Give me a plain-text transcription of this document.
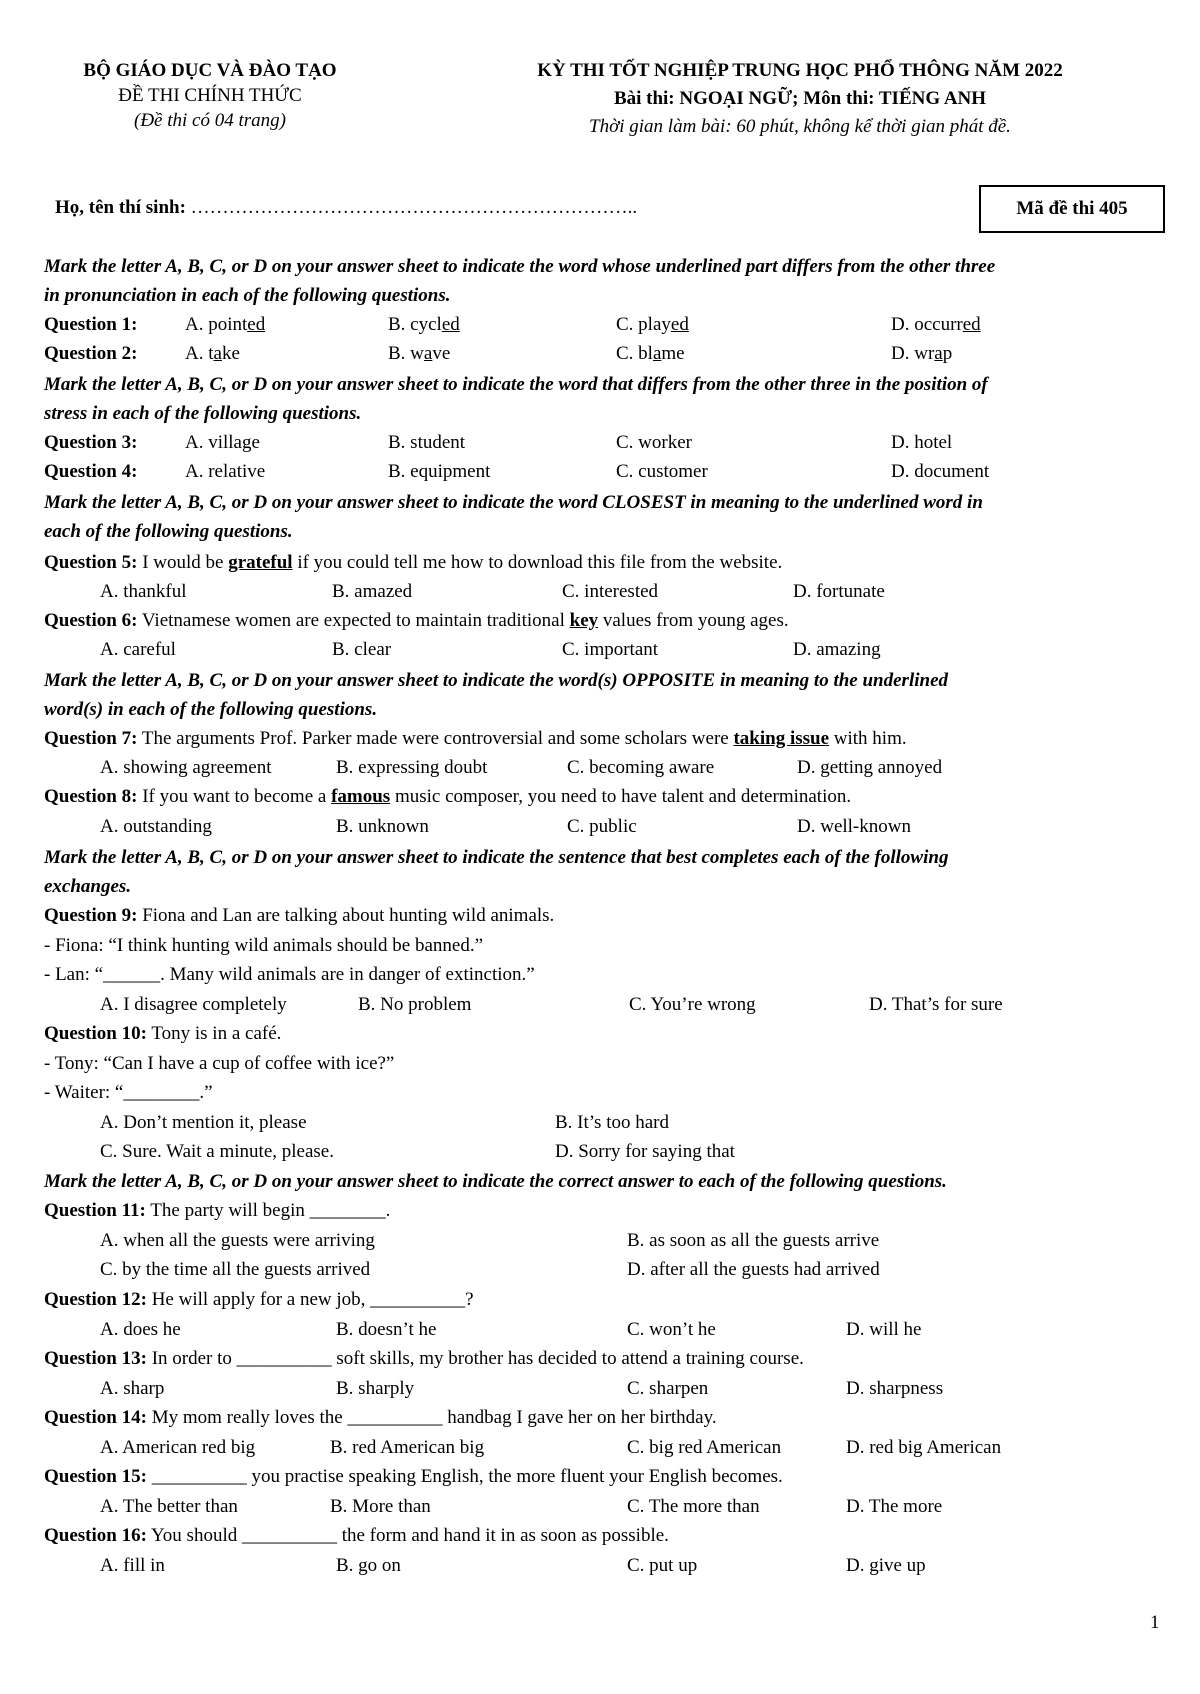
BỘ GIÁO DỤC VÀ ĐÀO TẠO
ĐỀ THI CHÍNH THỨC
(Đề thi có 04 trang)
KỲ THI TỐT NGHIỆP TRUNG HỌC PHỔ THÔNG NĂM 2022
Bài thi: NGOẠI NGỮ; Môn thi: TIẾNG ANH
Thời gian làm bài: 60 phút, không kể thời gian phát đề.
Họ, tên thí sinh: ……………………………………………………………..	Mã đề thi 405
Mark the letter A, B, C, or D on your answer sheet to indicate the word whose underlined part differs from the other three
in pronunciation in each of the following questions.
Question 1:	A. pointed	B. cycled	C. played	D. occurred
Question 2:	A. take	B. wave	C. blame	D. wrap
Mark the letter A, B, C, or D on your answer sheet to indicate the word that differs from the other three in the position of
stress in each of the following questions.
Question 3:	A. village	B. student	C. worker	D. hotel
Question 4:	A. relative	B. equipment	C. customer	D. document
Mark the letter A, B, C, or D on your answer sheet to indicate the word CLOSEST in meaning to the underlined word in
each of the following questions.
Question 5: I would be grateful if you could tell me how to download this file from the website.
A. thankful	B. amazed	C. interested	D. fortunate
Question 6: Vietnamese women are expected to maintain traditional key values from young ages.
A. careful	B. clear	C. important	D. amazing
Mark the letter A, B, C, or D on your answer sheet to indicate the word(s) OPPOSITE in meaning to the underlined
word(s) in each of the following questions.
Question 7: The arguments Prof. Parker made were controversial and some scholars were taking issue with him.
A. showing agreement	B. expressing doubt	C. becoming aware	D. getting annoyed
Question 8: If you want to become a famous music composer, you need to have talent and determination.
A. outstanding	B. unknown	C. public	D. well-known
Mark the letter A, B, C, or D on your answer sheet to indicate the sentence that best completes each of the following
exchanges.
Question 9: Fiona and Lan are talking about hunting wild animals.
- Fiona: “I think hunting wild animals should be banned.”
- Lan: “______. Many wild animals are in danger of extinction.”
A. I disagree completely	B. No problem	C. You’re wrong	D. That’s for sure
Question 10: Tony is in a café.
- Tony: “Can I have a cup of coffee with ice?”
- Waiter: “________.”
A. Don’t mention it, please	B. It’s too hard
C. Sure. Wait a minute, please.	D. Sorry for saying that
Mark the letter A, B, C, or D on your answer sheet to indicate the correct answer to each of the following questions.
Question 11: The party will begin ________.
A. when all the guests were arriving	B. as soon as all the guests arrive
C. by the time all the guests arrived	D. after all the guests had arrived
Question 12: He will apply for a new job, __________?
A. does he	B. doesn’t he	C. won’t he	D. will he
Question 13: In order to __________ soft skills, my brother has decided to attend a training course.
A. sharp	B. sharply	C. sharpen	D. sharpness
Question 14: My mom really loves the __________ handbag I gave her on her birthday.
A. American red big	B. red American big	C. big red American	D. red big American
Question 15: __________ you practise speaking English, the more fluent your English becomes.
A. The better than	B. More than	C. The more than	D. The more
Question 16: You should __________ the form and hand it in as soon as possible.
A. fill in	B. go on	C. put up	D. give up
1
